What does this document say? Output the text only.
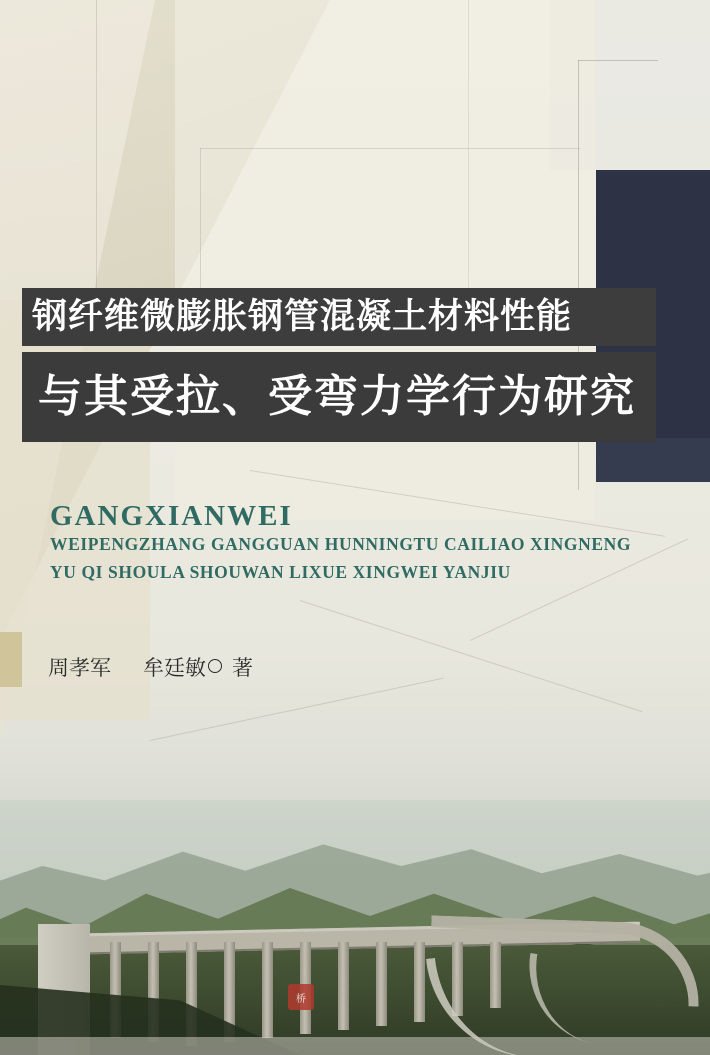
钢纤维微膨胀钢管混凝土材料性能
与其受拉、受弯力学行为研究
GANGXIANWEI
WEIPENGZHANG GANGGUAN HUNNINGTU CAILIAO XINGNENG
YU QI SHOULA SHOUWAN LIXUE XINGWEI YANJIU
周孝军 牟廷敏 著
桥
